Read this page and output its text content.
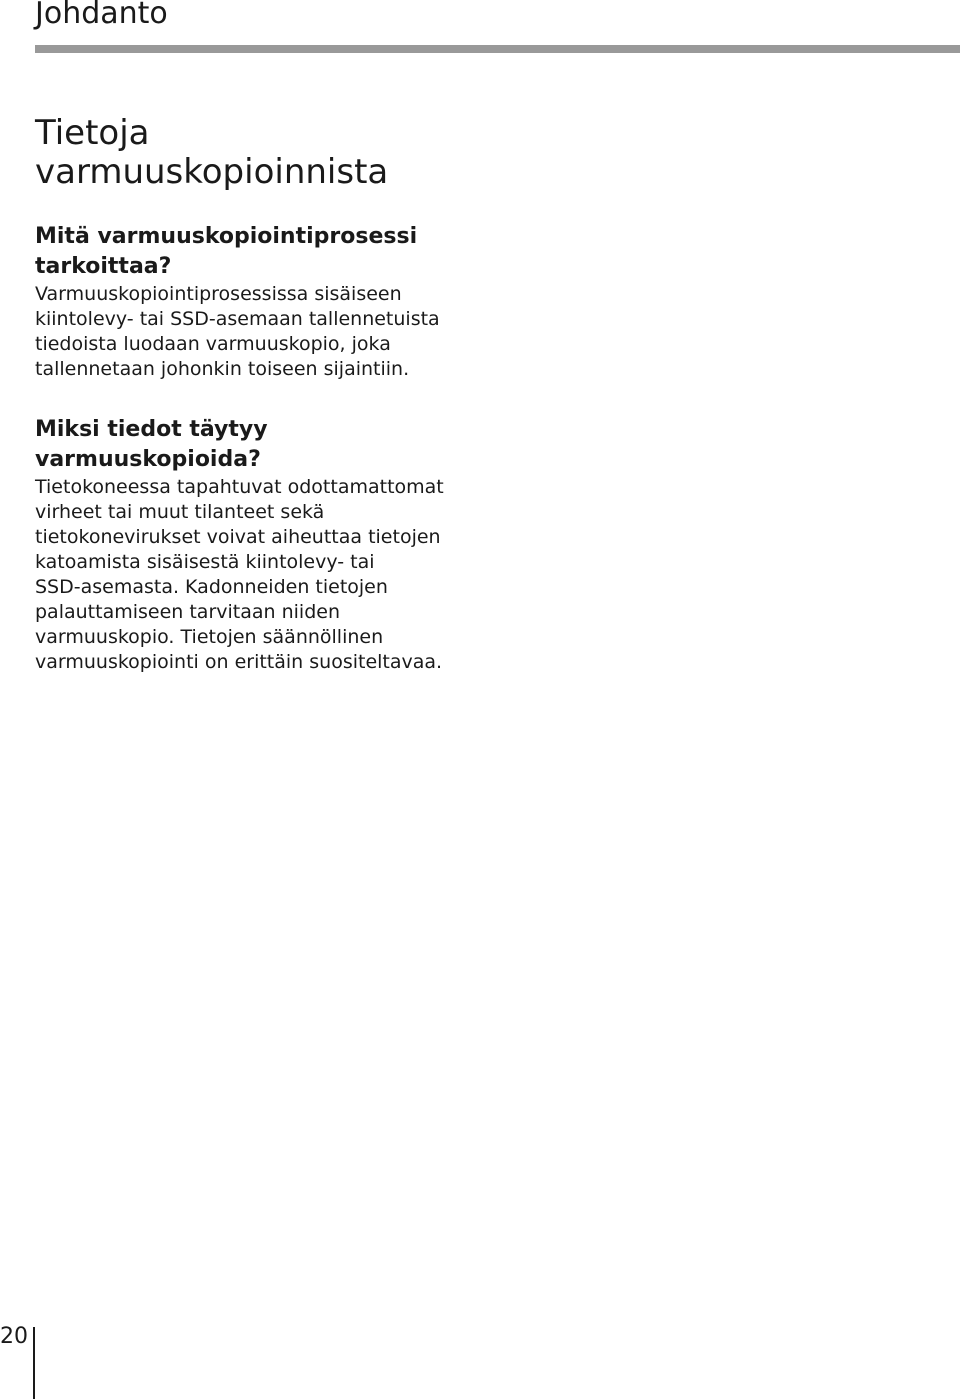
Johdanto
Tietoja
varmuuskopioinnista
Mitä varmuuskopiointiprosessi
tarkoittaa?

Varmuuskopiointiprosessissa sisäiseen
kiintolevy- tai SSD-asemaan tallennetuista
tiedoista luodaan varmuuskopio, joka
tallennetaan johonkin toiseen sijaintiin.

Miksi tiedot täytyy
varmuuskopioida?

Tietokoneessa tapahtuvat odottamattomat
virheet tai muut tilanteet sekä
tietokonevirukset voivat aiheuttaa tietojen
katoamista sisäisestä kiintolevy- tai
SSD-asemasta. Kadonneiden tietojen
palauttamiseen tarvitaan niiden
varmuuskopio. Tietojen säännöllinen
varmuuskopiointi on erittäin suositeltavaa.

20
